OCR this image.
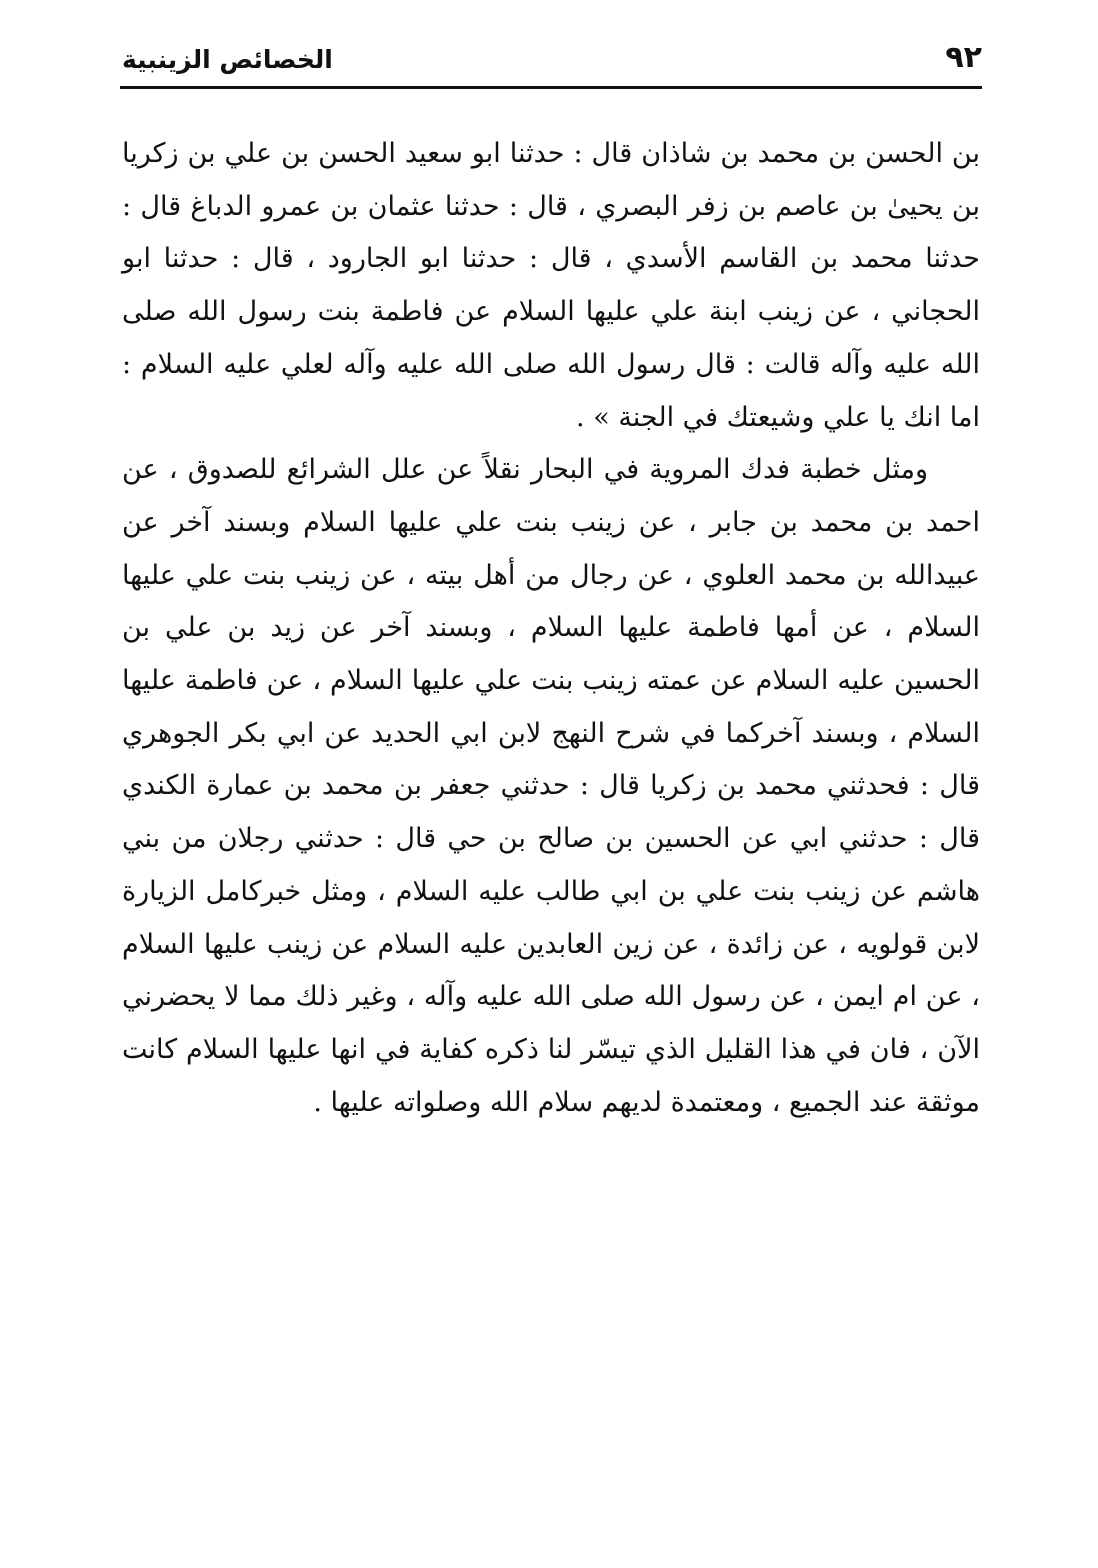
٩٢
الخصائص الزينبية

بن الحسن بن محمد بن شاذان قال : حدثنا ابو سعيد الحسن بن علي بن زكريا بن يحيىٰ بن عاصم بن زفر البصري ، قال : حدثنا عثمان بن عمرو الدباغ قال : حدثنا محمد بن القاسم الأسدي ، قال : حدثنا ابو الجارود ، قال : حدثنا ابو الحجاني ، عن زينب ابنة علي عليها السلام عن فاطمة بنت رسول الله صلى الله عليه وآله قالت : قال رسول الله صلى الله عليه وآله لعلي عليه السلام : اما انك يا علي وشيعتك في الجنة » .

ومثل خطبة فدك المروية في البحار نقلاً عن علل الشرائع للصدوق ، عن احمد بن محمد بن جابر ، عن زينب بنت علي عليها السلام وبسند آخر عن عبيدالله بن محمد العلوي ، عن رجال من أهل بيته ، عن زينب بنت علي عليها السلام ، عن أمها فاطمة عليها السلام ، وبسند آخر عن زيد بن علي بن الحسين عليه السلام عن عمته زينب بنت علي عليها السلام ، عن فاطمة عليها السلام ، وبسند آخركما في شرح النهج لابن ابي الحديد عن ابي بكر الجوهري قال : فحدثني محمد بن زكريا قال : حدثني جعفر بن محمد بن عمارة الكندي قال : حدثني ابي عن الحسين بن صالح بن حي قال : حدثني رجلان من بني هاشم عن زينب بنت علي بن ابي طالب عليه السلام ، ومثل خبركامل الزيارة لابن قولويه ، عن زائدة ، عن زين العابدين عليه السلام عن زينب عليها السلام ، عن ام ايمن ، عن رسول الله صلى الله عليه وآله ، وغير ذلك مما لا يحضرني الآن ، فان في هذا القليل الذي تيسّر لنا ذكره كفاية في انها عليها السلام كانت موثقة عند الجميع ، ومعتمدة لديهم سلام الله وصلواته عليها .
